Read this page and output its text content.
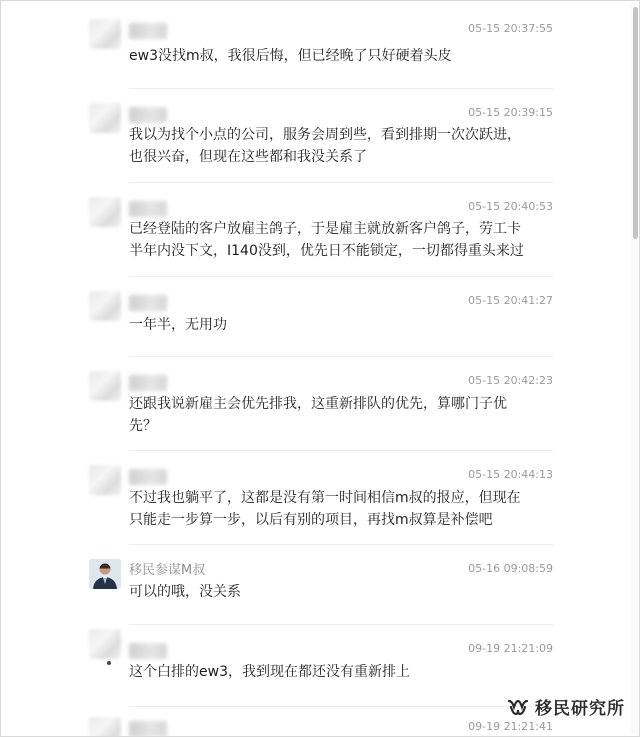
05-15 20:37:55
ew3没找m叔，我很后悔，但已经晚了只好硬着头皮
05-15 20:39:15
我以为找个小点的公司，服务会周到些，看到排期一次次跃进，
也很兴奋，但现在这些都和我没关系了
05-15 20:40:53
已经登陆的客户放雇主鸽子，于是雇主就放新客户鸽子，劳工卡
半年内没下文，I140没到，优先日不能锁定，一切都得重头来过
05-15 20:41:27
一年半，无用功
05-15 20:42:23
还跟我说新雇主会优先排我，这重新排队的优先，算哪门子优
先？
05-15 20:44:13
不过我也躺平了，这都是没有第一时间相信m叔的报应，但现在
只能走一步算一步，以后有别的项目，再找m叔算是补偿吧
移民参谋M叔	05-16 09:08:59
可以的哦，没关系
09-19 21:21:09
这个白排的ew3，我到现在都还没有重新排上
09-19 21:21:41
移民研究所
